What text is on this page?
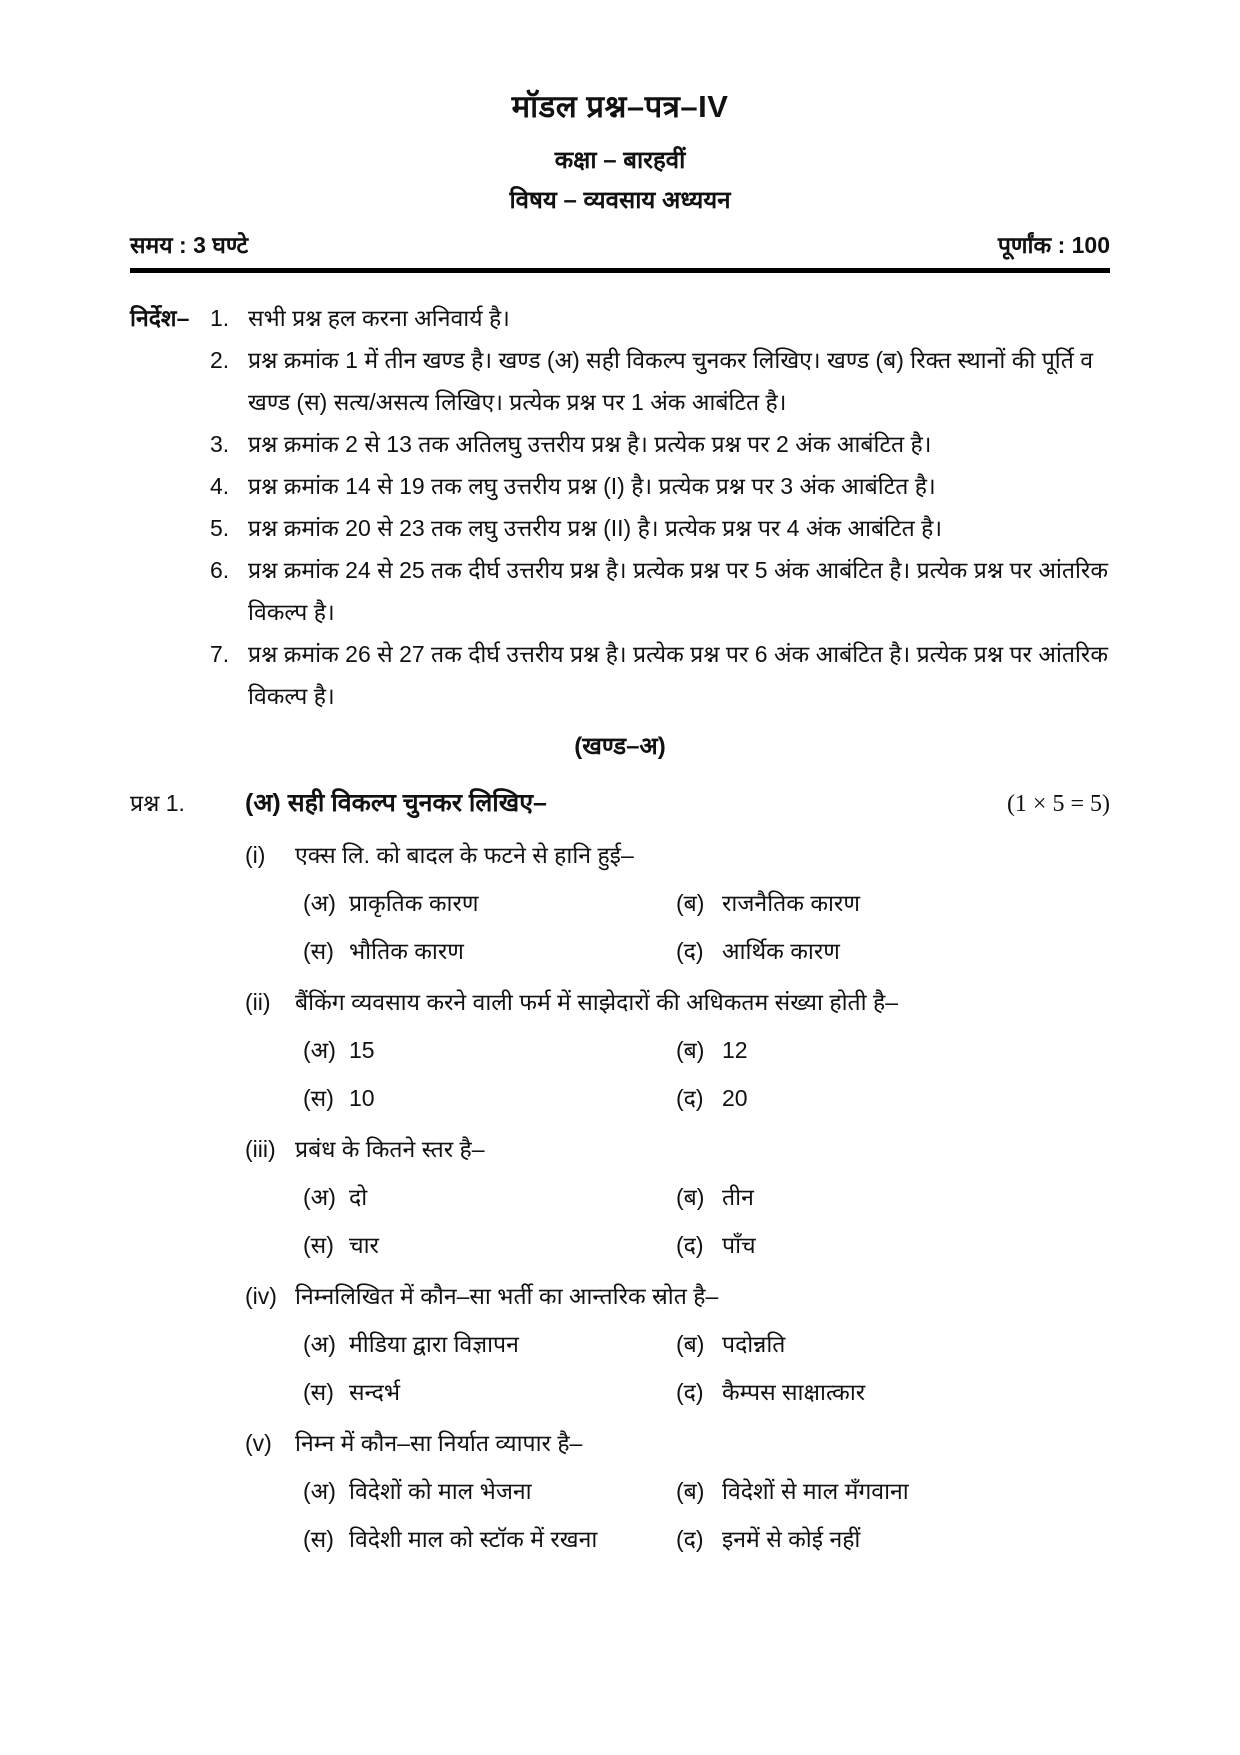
मॉडल प्रश्न–पत्र–IV
कक्षा – बारहवीं
विषय – व्यवसाय अध्ययन
समय : 3 घण्टे	पूर्णांक : 100
निर्देश– 1. सभी प्रश्न हल करना अनिवार्य है।
2. प्रश्न क्रमांक 1 में तीन खण्ड है। खण्ड (अ) सही विकल्प चुनकर लिखिए। खण्ड (ब) रिक्त स्थानों की पूर्ति व खण्ड (स) सत्य/असत्य लिखिए। प्रत्येक प्रश्न पर 1 अंक आबंटित है।
3. प्रश्न क्रमांक 2 से 13 तक अतिलघु उत्तरीय प्रश्न है। प्रत्येक प्रश्न पर 2 अंक आबंटित है।
4. प्रश्न क्रमांक 14 से 19 तक लघु उत्तरीय प्रश्न (I) है। प्रत्येक प्रश्न पर 3 अंक आबंटित है।
5. प्रश्न क्रमांक 20 से 23 तक लघु उत्तरीय प्रश्न (II) है। प्रत्येक प्रश्न पर 4 अंक आबंटित है।
6. प्रश्न क्रमांक 24 से 25 तक दीर्घ उत्तरीय प्रश्न है। प्रत्येक प्रश्न पर 5 अंक आबंटित है। प्रत्येक प्रश्न पर आंतरिक विकल्प है।
7. प्रश्न क्रमांक 26 से 27 तक दीर्घ उत्तरीय प्रश्न है। प्रत्येक प्रश्न पर 6 अंक आबंटित है। प्रत्येक प्रश्न पर आंतरिक विकल्प है।
(खण्ड–अ)
प्रश्न 1.	(अ) सही विकल्प चुनकर लिखिए–	(1 × 5 = 5)
(i)	एक्स लि. को बादल के फटने से हानि हुई–
(अ) प्राकृतिक कारण	(ब) राजनैतिक कारण
(स) भौतिक कारण	(द) आर्थिक कारण
(ii)	बैंकिंग व्यवसाय करने वाली फर्म में साझेदारों की अधिकतम संख्या होती है–
(अ) 15	(ब) 12
(स) 10	(द) 20
(iii) प्रबंध के कितने स्तर है–
(अ) दो	(ब) तीन
(स) चार	(द) पाँच
(iv) निम्नलिखित में कौन–सा भर्ती का आन्तरिक स्रोत है–
(अ) मीडिया द्वारा विज्ञापन	(ब) पदोन्नति
(स) सन्दर्भ	(द) कैम्पस साक्षात्कार
(v)	निम्न में कौन–सा निर्यात व्यापार है–
(अ) विदेशों को माल भेजना	(ब) विदेशों से माल मँगवाना
(स) विदेशी माल को स्टॉक में रखना	(द) इनमें से कोई नहीं
